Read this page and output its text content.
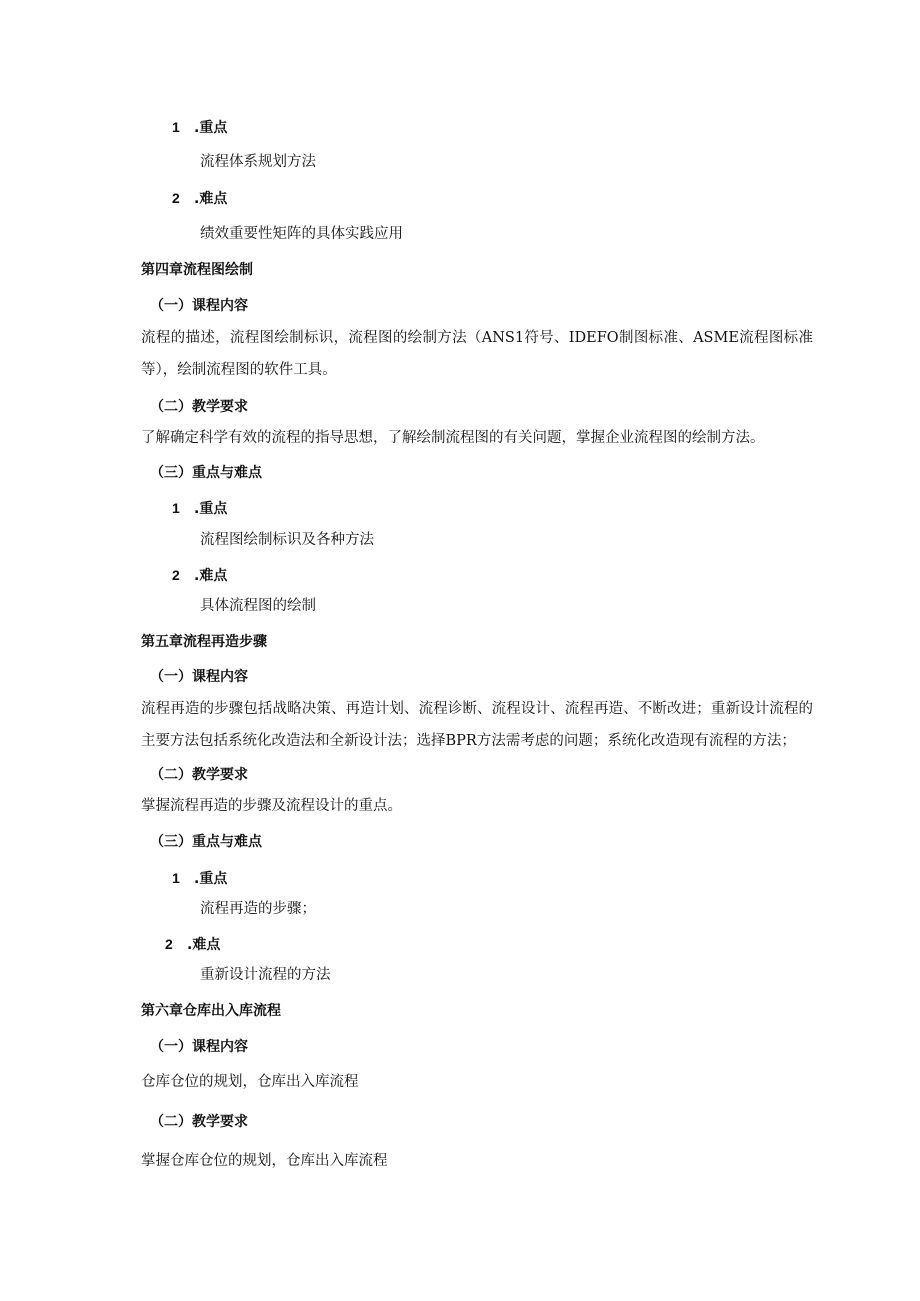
1 .重点
流程体系规划方法
2 .难点
绩效重要性矩阵的具体实践应用
第四章流程图绘制
（一）课程内容
流程的描述，流程图绘制标识，流程图的绘制方法（ANS1符号、IDEFO制图标准、ASME流程图标准等），绘制流程图的软件工具。
（二）教学要求
了解确定科学有效的流程的指导思想，了解绘制流程图的有关问题，掌握企业流程图的绘制方法。
（三）重点与难点
1 .重点
流程图绘制标识及各种方法
2 .难点
具体流程图的绘制
第五章流程再造步骤
（一）课程内容
流程再造的步骤包括战略决策、再造计划、流程诊断、流程设计、流程再造、不断改进；重新设计流程的主要方法包括系统化改造法和全新设计法；选择BPR方法需考虑的问题；系统化改造现有流程的方法；
（二）教学要求
掌握流程再造的步骤及流程设计的重点。
（三）重点与难点
1 .重点
流程再造的步骤；
2 .难点
重新设计流程的方法
第六章仓库出入库流程
（一）课程内容
仓库仓位的规划，仓库出入库流程
（二）教学要求
掌握仓库仓位的规划，仓库出入库流程
